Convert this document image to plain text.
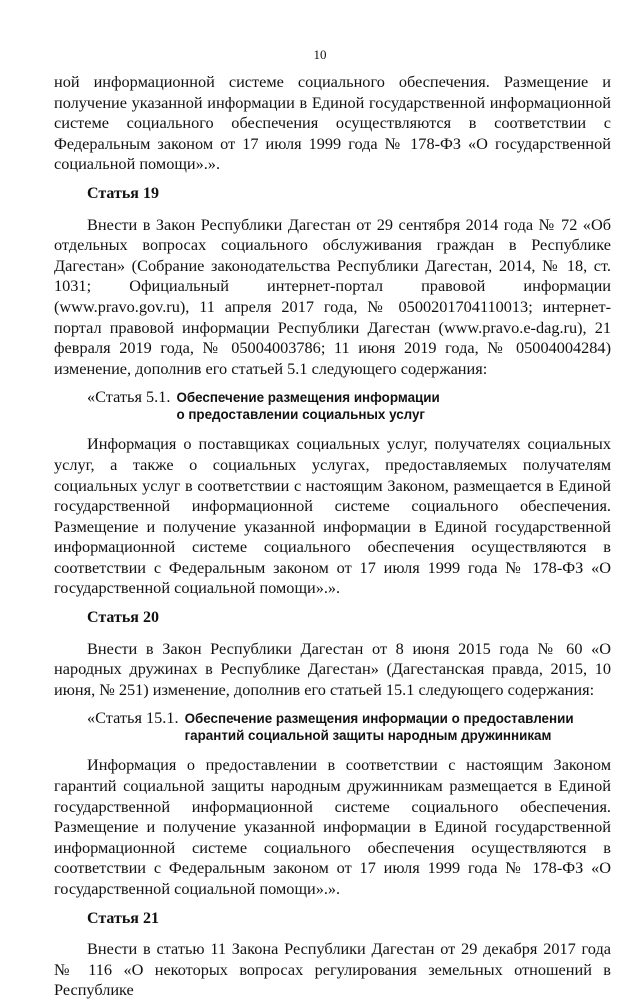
10

ной информационной системе социального обеспечения. Размещение и получение указанной информации в Единой государственной информационной системе социального обеспечения осуществляются в соответствии с Федеральным законом от 17 июля 1999 года № 178-ФЗ «О государственной социальной помощи».».

Статья 19

Внести в Закон Республики Дагестан от 29 сентября 2014 года № 72 «Об отдельных вопросах социального обслуживания граждан в Республике Дагестан» (Собрание законодательства Республики Дагестан, 2014, № 18, ст. 1031; Официальный интернет-портал правовой информации (www.pravo.gov.ru), 11 апреля 2017 года, № 0500201704110013; интернет-портал правовой информации Республики Дагестан (www.pravo.e-dag.ru), 21 февраля 2019 года, № 05004003786; 11 июня 2019 года, № 05004004284) изменение, дополнив его статьей 5.1 следующего содержания:

«Статья 5.1. Обеспечение размещения информации
о предоставлении социальных услуг

Информация о поставщиках социальных услуг, получателях социальных услуг, а также о социальных услугах, предоставляемых получателям социальных услуг в соответствии с настоящим Законом, размещается в Единой государственной информационной системе социального обеспечения. Размещение и получение указанной информации в Единой государственной информационной системе социального обеспечения осуществляются в соответствии с Федеральным законом от 17 июля 1999 года № 178-ФЗ «О государственной социальной помощи».».

Статья 20

Внести в Закон Республики Дагестан от 8 июня 2015 года № 60 «О народных дружинах в Республике Дагестан» (Дагестанская правда, 2015, 10 июня, № 251) изменение, дополнив его статьей 15.1 следующего содержания:

«Статья 15.1. Обеспечение размещения информации о предоставлении
гарантий социальной защиты народным дружинникам

Информация о предоставлении в соответствии с настоящим Законом гарантий социальной защиты народным дружинникам размещается в Единой государственной информационной системе социального обеспечения. Размещение и получение указанной информации в Единой государственной информационной системе социального обеспечения осуществляются в соответствии с Федеральным законом от 17 июля 1999 года № 178-ФЗ «О государственной социальной помощи».».

Статья 21

Внести в статью 11 Закона Республики Дагестан от 29 декабря 2017 года № 116 «О некоторых вопросах регулирования земельных отношений в Республике
